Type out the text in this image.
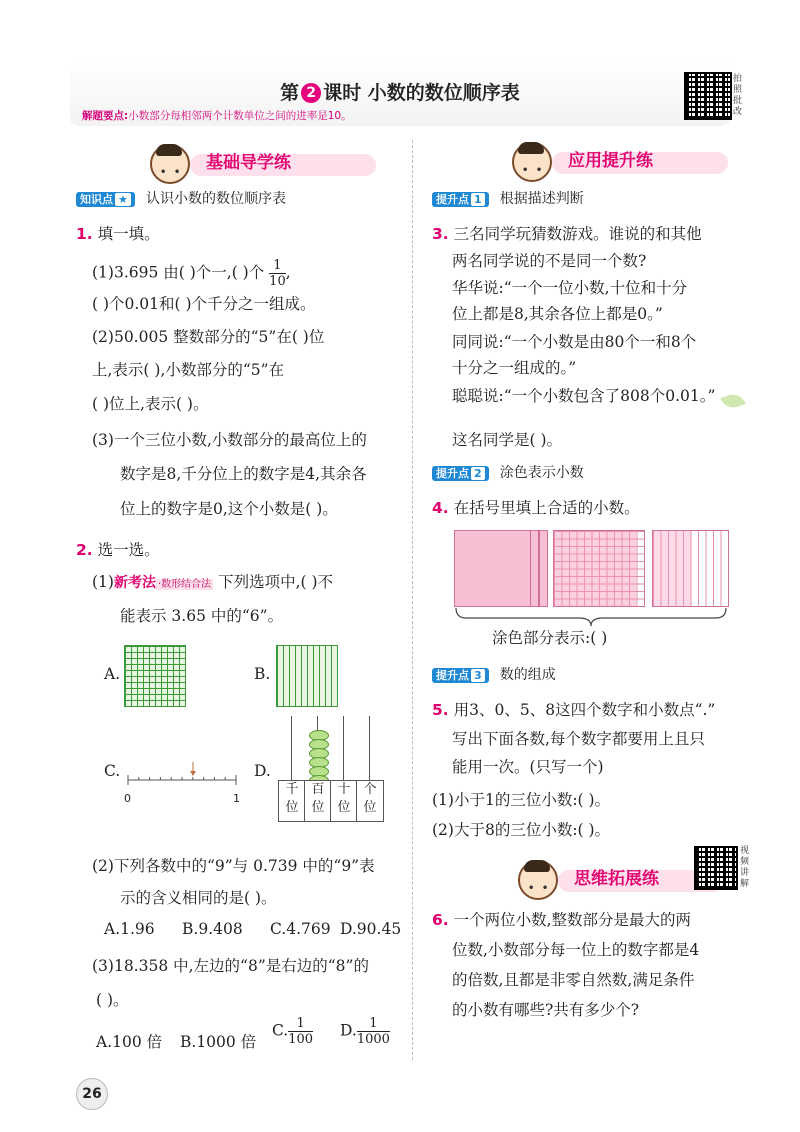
第 2 课时 小数的数位顺序表
解题要点:小数部分每相邻两个计数单位之间的进率是10。
拍照批改
• •
基础导学练
知识点 ★ 认识小数的数位顺序表
1. 填一填。
(1)3.695 由( )个一,( )个 $\frac{1}{10}$ ,
( )个0.01和( )个千分之一组成。
(2)50.005 整数部分的“5”在( )位
上,表示( ),小数部分的“5”在
( )位上,表示( )。
(3)一个三位小数,小数部分的最高位上的
数字是8,千分位上的数字是4,其余各
位上的数字是0,这个小数是( )。
2. 选一选。
(1)新考法 ·数形结合法 下列选项中,( )不
能表示 3.65 中的“6”。
A.	B.
C.
0	1
D.
千
位
百
位
十
位
个
位
(2)下列各数中的“9”与 0.739 中的“9”表
示的含义相同的是( )。
A.1.96 B.9.408 C.4.769 D.90.45
(3)18.358 中,左边的“8”是右边的“8”的
( )。
A.100 倍 B.1000 倍
C. $\frac{1}{100} D$. $\frac{1}{1000}$
• •
应用提升练
提升点 1 根据描述判断
3. 三名同学玩猜数游戏。谁说的和其他
两名同学说的不是同一个数?
华华说:“一个一位小数,十位和十分
位上都是8,其余各位上都是0。”
同同说:“一个小数是由80个一和8个
十分之一组成的。”
聪聪说:“一个小数包含了808个0.01。”
这名同学是( )。
提升点 2 涂色表示小数
4. 在括号里填上合适的小数。
涂色部分表示:( )
提升点 3 数的组成
5. 用3、0、5、8这四个数字和小数点“.”
写出下面各数,每个数字都要用上且只
能用一次。(只写一个)
(1)小于1的三位小数:( )。
(2)大于8的三位小数:( )。
视频讲解
• •
思维拓展练
6. 一个两位小数,整数部分是最大的两
位数,小数部分每一位上的数字都是4
的倍数,且都是非零自然数,满足条件
的小数有哪些?共有多少个?
26
